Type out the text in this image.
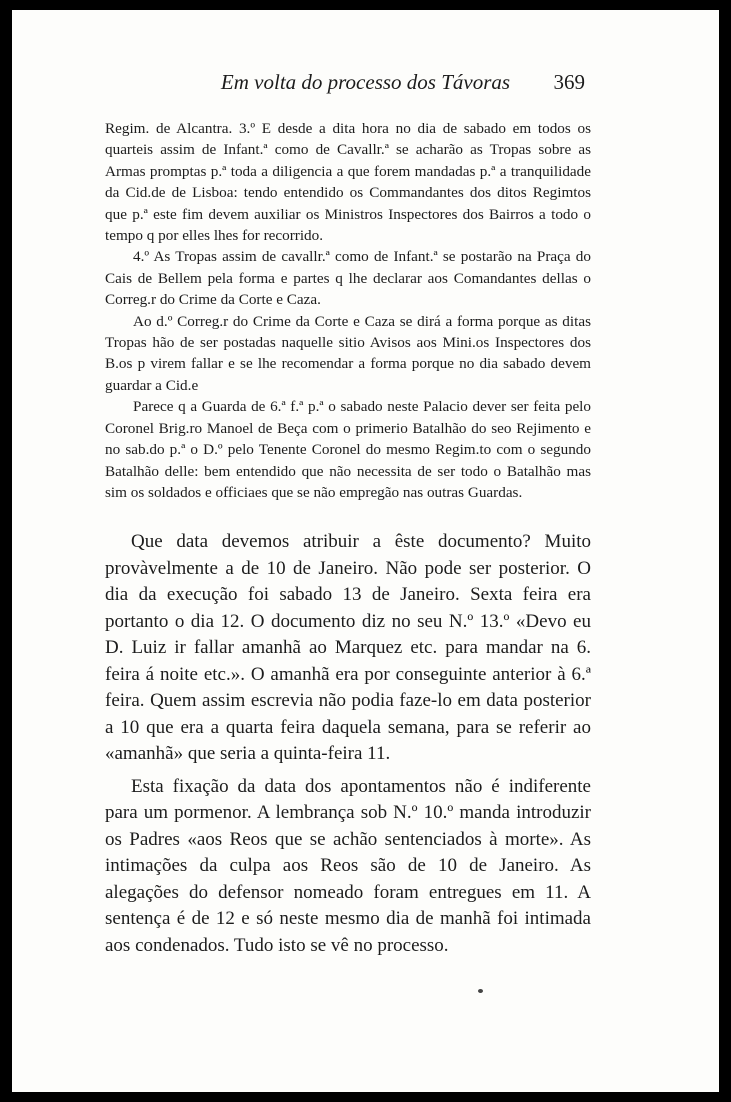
Em volta do processo dos Távoras	369

Regim. de Alcantra. 3.º E desde a dita hora no dia de sabado em todos os quarteis assim de Infant.ª como de Cavallr.ª se acharão as Tropas sobre as Armas promptas p.ª toda a diligencia a que forem mandadas p.ª a tranquilidade da Cid.de de Lisboa: tendo entendido os Commandantes dos ditos Regimtos que p.ª este fim devem auxiliar os Ministros Inspectores dos Bairros a todo o tempo q por elles lhes for recorrido.

4.º As Tropas assim de cavallr.ª como de Infant.ª se postarão na Praça do Cais de Bellem pela forma e partes q lhe declarar aos Comandantes dellas o Correg.r do Crime da Corte e Caza.

Ao d.º Correg.r do Crime da Corte e Caza se dirá a forma porque as ditas Tropas hão de ser postadas naquelle sitio Avisos aos Mini.os Inspectores dos B.os p virem fallar e se lhe recomendar a forma porque no dia sabado devem guardar a Cid.e

Parece q a Guarda de 6.ª f.ª p.ª o sabado neste Palacio dever ser feita pelo Coronel Brig.ro Manoel de Beça com o primerio Batalhão do seo Rejimento e no sab.do p.ª o D.º pelo Tenente Coronel do mesmo Regim.to com o segundo Batalhão delle: bem entendido que não necessita de ser todo o Batalhão mas sim os soldados e officiaes que se não empregão nas outras Guardas.

Que data devemos atribuir a êste documento? Muito provàvelmente a de 10 de Janeiro. Não pode ser posterior. O dia da execução foi sabado 13 de Janeiro. Sexta feira era portanto o dia 12. O documento diz no seu N.º 13.º «Devo eu D. Luiz ir fallar amanhã ao Marquez etc. para mandar na 6. feira á noite etc.». O amanhã era por conseguinte anterior à 6.ª feira. Quem assim escrevia não podia faze-lo em data posterior a 10 que era a quarta feira daquela semana, para se referir ao «amanhã» que seria a quinta-feira 11.

Esta fixação da data dos apontamentos não é indiferente para um pormenor. A lembrança sob N.º 10.º manda introduzir os Padres «aos Reos que se achão sentenciados à morte». As intimações da culpa aos Reos são de 10 de Janeiro. As alegações do defensor nomeado foram entregues em 11. A sentença é de 12 e só neste mesmo dia de manhã foi intimada aos condenados. Tudo isto se vê no processo.
